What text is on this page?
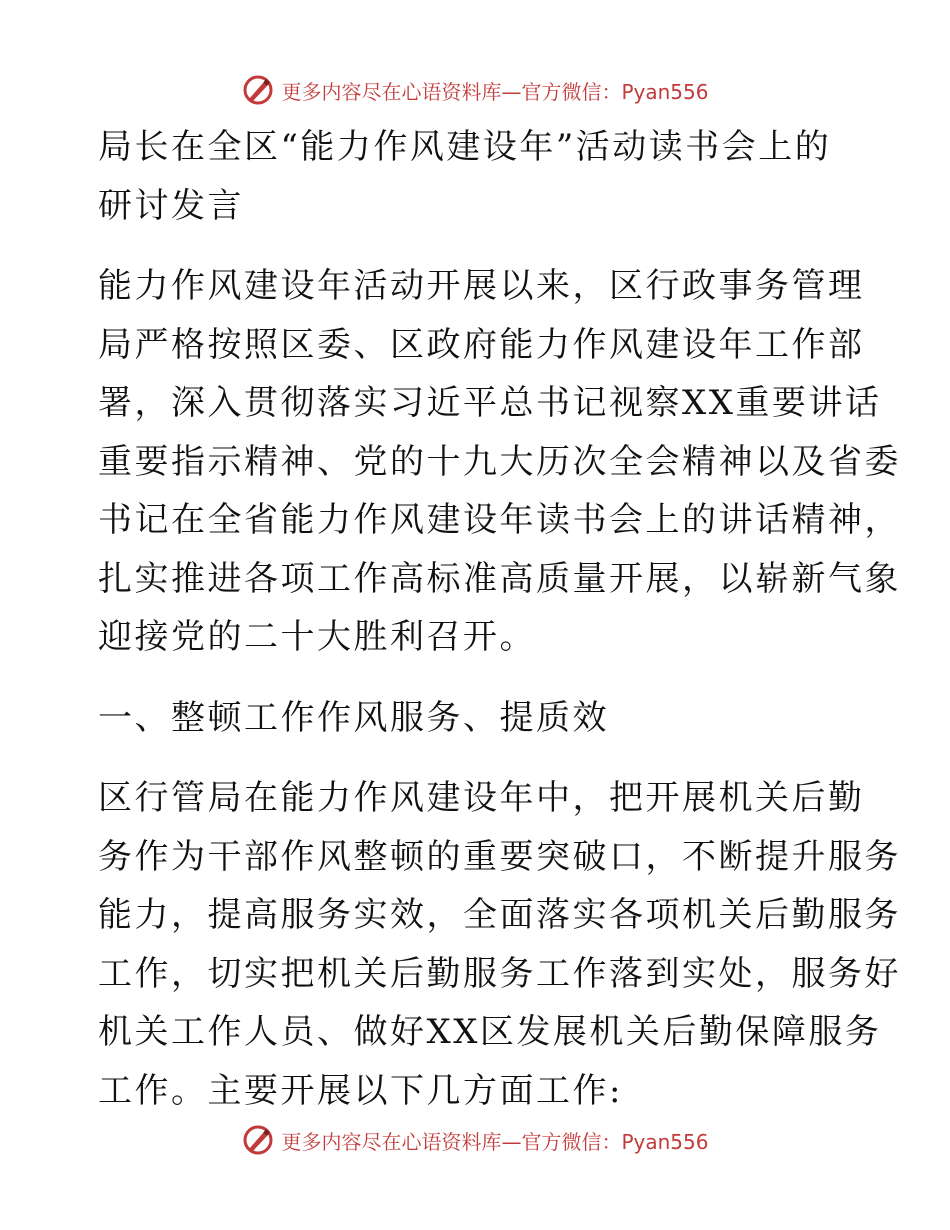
更多内容尽在心语资料库—官方微信：Pyan556
局长在全区“能力作风建设年”活动读书会上的
研讨发言
能力作风建设年活动开展以来，区行政事务管理
局严格按照区委、区政府能力作风建设年工作部
署，深入贯彻落实习近平总书记视察XX重要讲话
重要指示精神、党的十九大历次全会精神以及省委
书记在全省能力作风建设年读书会上的讲话精神，
扎实推进各项工作高标准高质量开展，以崭新气象
迎接党的二十大胜利召开。
一、整顿工作作风服务、提质效
区行管局在能力作风建设年中，把开展机关后勤
务作为干部作风整顿的重要突破口，不断提升服务
能力，提高服务实效，全面落实各项机关后勤服务
工作，切实把机关后勤服务工作落到实处，服务好
机关工作人员、做好XX区发展机关后勤保障服务
工作。主要开展以下几方面工作:
更多内容尽在心语资料库—官方微信：Pyan556
